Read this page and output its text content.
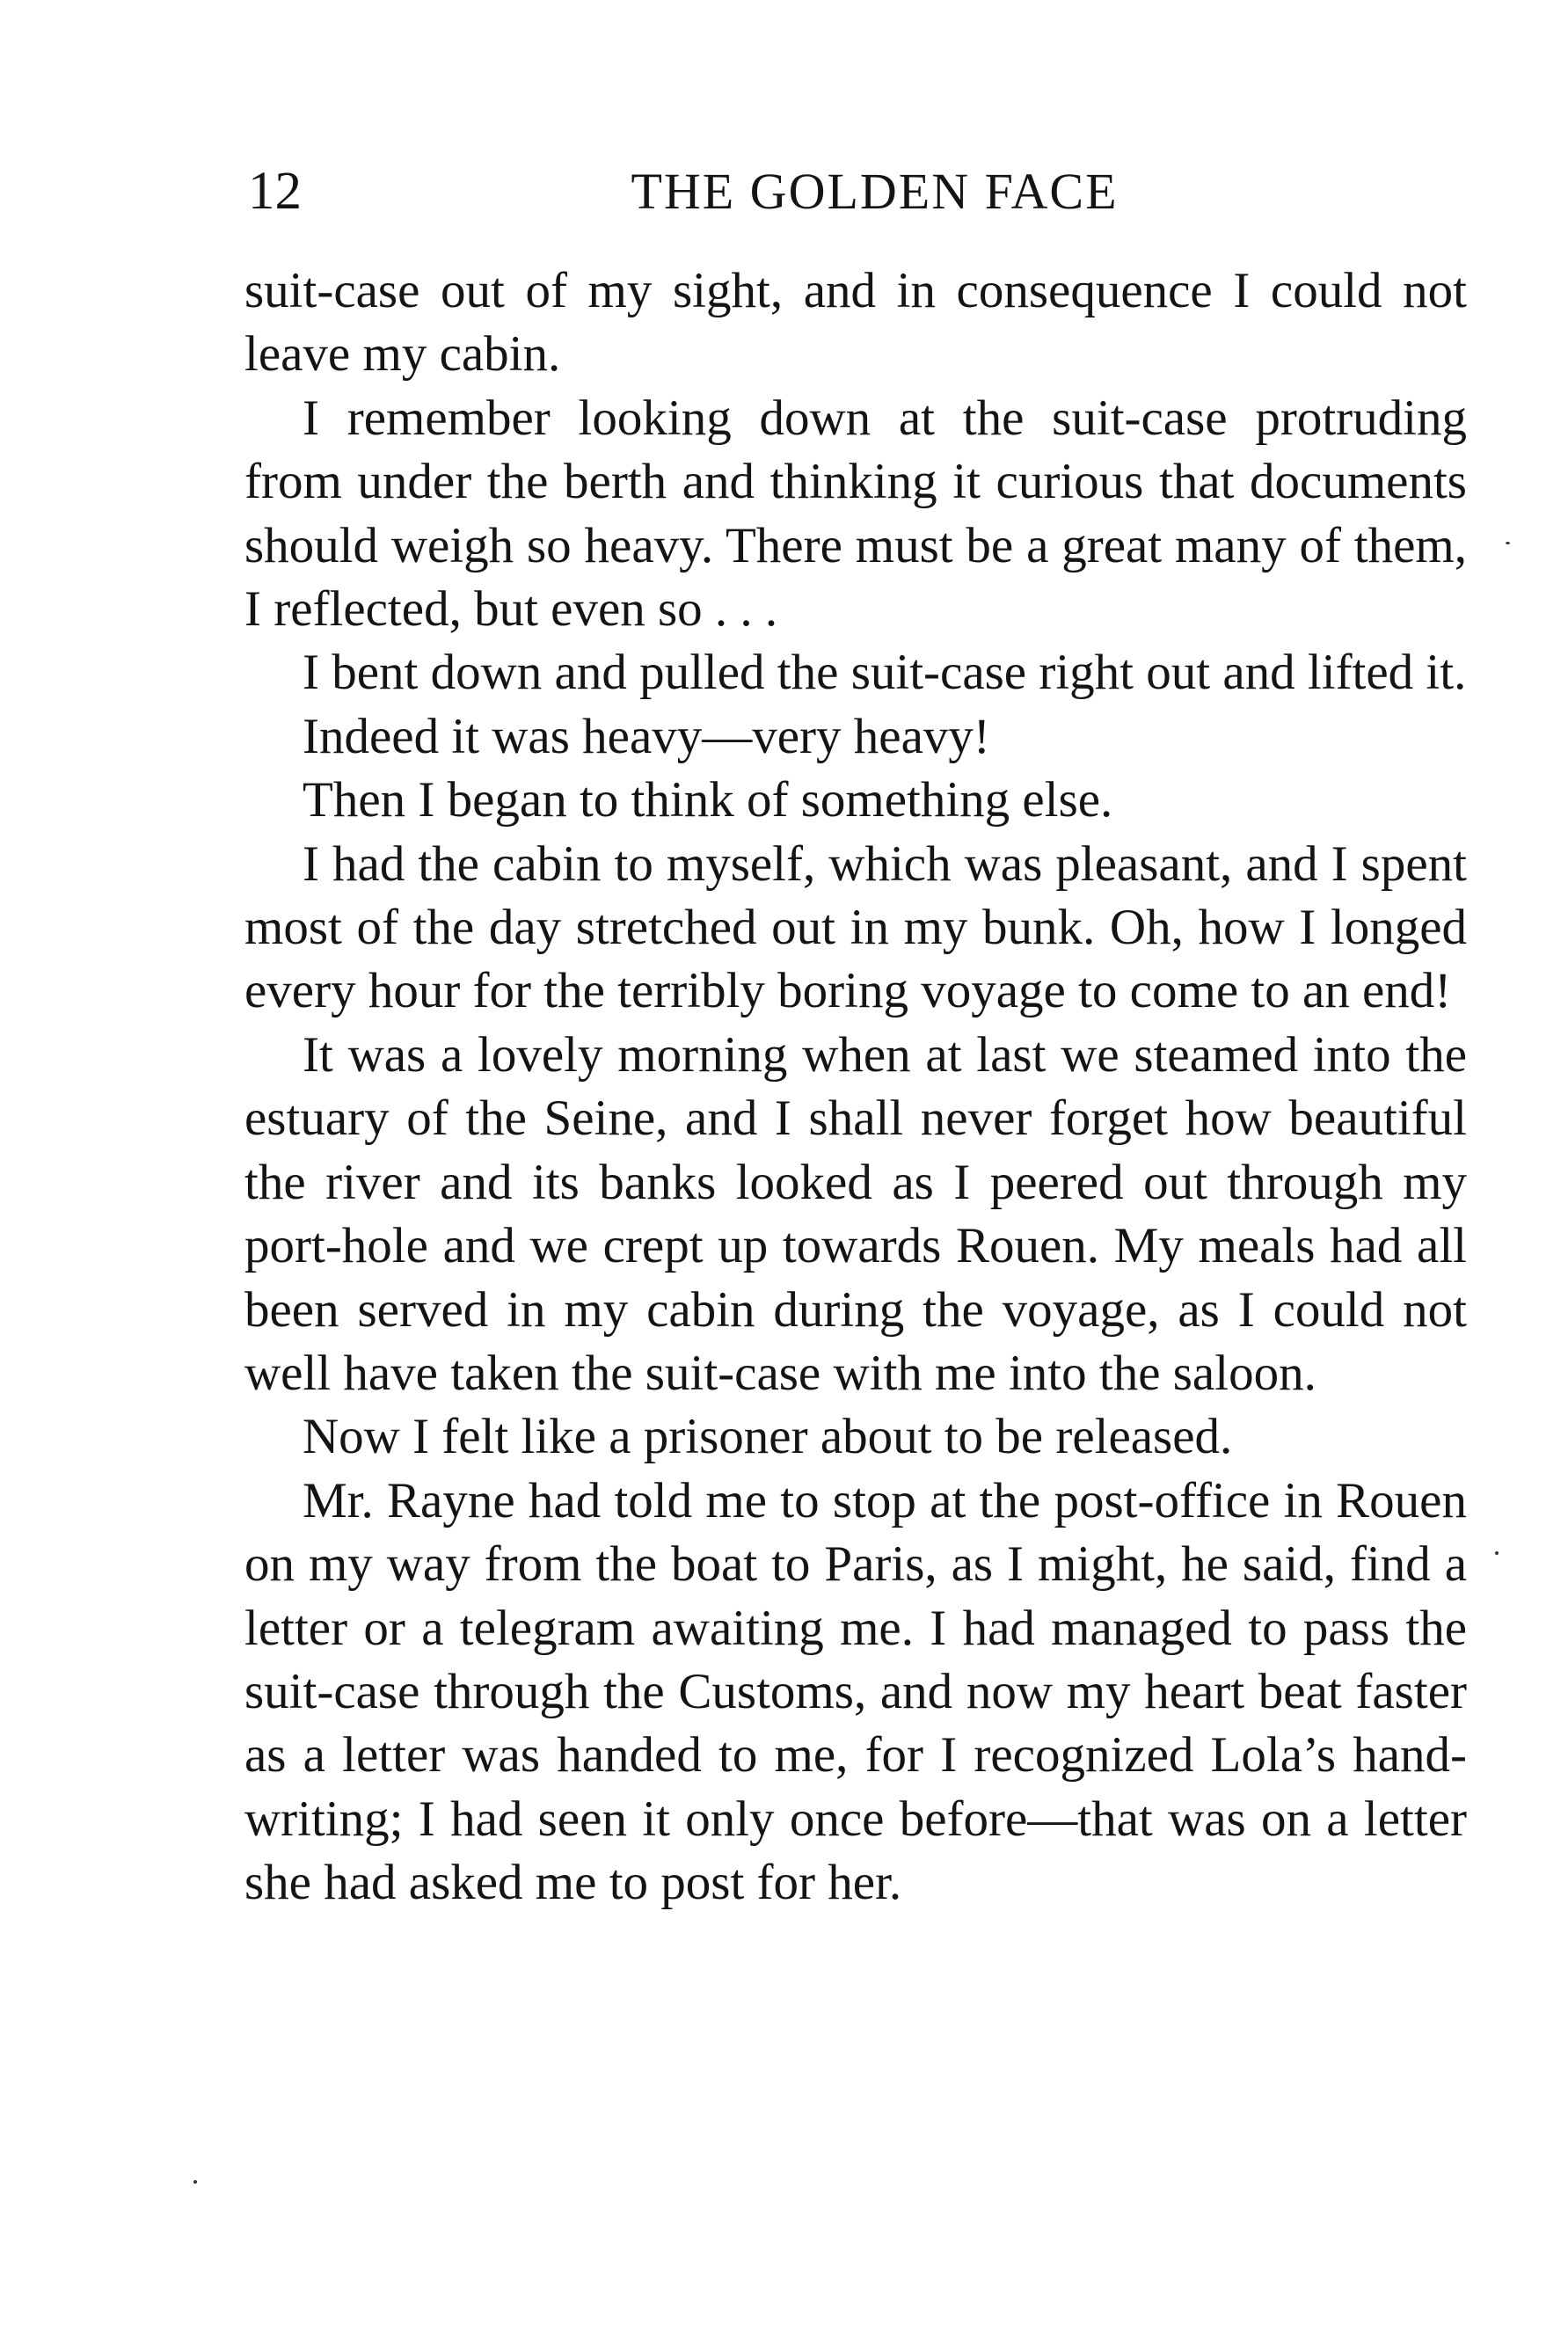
12	THE GOLDEN FACE

suit-case out of my sight, and in consequence I could not leave my cabin.

I remember looking down at the suit-case protruding from under the berth and thinking it curious that documents should weigh so heavy. There must be a great many of them, I reflected, but even so . . .

I bent down and pulled the suit-case right out and lifted it.

Indeed it was heavy—very heavy!

Then I began to think of something else.

I had the cabin to myself, which was pleasant, and I spent most of the day stretched out in my bunk. Oh, how I longed every hour for the terribly boring voyage to come to an end!

It was a lovely morning when at last we steamed into the estuary of the Seine, and I shall never forget how beautiful the river and its banks looked as I peered out through my port-hole and we crept up towards Rouen. My meals had all been served in my cabin during the voyage, as I could not well have taken the suit-case with me into the saloon.

Now I felt like a prisoner about to be released.

Mr. Rayne had told me to stop at the post-office in Rouen on my way from the boat to Paris, as I might, he said, find a letter or a telegram awaiting me. I had managed to pass the suit-case through the Customs, and now my heart beat faster as a letter was handed to me, for I recognized Lola’s handwriting; I had seen it only once before—that was on a letter she had asked me to post for her.
